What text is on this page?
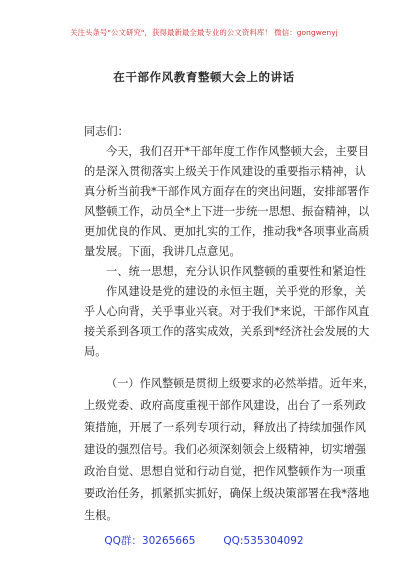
关注头条号"公文研究"，获得最新最全最专业的公文资料库！ 微信：gongwenyj
在干部作风教育整顿大会上的讲话
同志们：
今天，我们召开*干部年度工作作风整顿大会，主要目
的是深入贯彻落实上级关于作风建设的重要指示精神，认
真分析当前我*干部作风方面存在的突出问题，安排部署作
风整顿工作，动员全*上下进一步统一思想、振奋精神，以
更加优良的作风、更加扎实的工作，推动我*各项事业高质
量发展。下面，我讲几点意见。
一、统一思想，充分认识作风整顿的重要性和紧迫性
作风建设是党的建设的永恒主题，关乎党的形象，关
乎人心向背，关乎事业兴衰。对于我们*来说，干部作风直
接关系到各项工作的落实成效，关系到*经济社会发展的大
局。
（一）作风整顿是贯彻上级要求的必然举措。近年来，
上级党委、政府高度重视干部作风建设，出台了一系列政
策措施，开展了一系列专项行动，释放出了持续加强作风
建设的强烈信号。我们必须深刻领会上级精神，切实增强
政治自觉、思想自觉和行动自觉，把作风整顿作为一项重
要政治任务，抓紧抓实抓好，确保上级决策部署在我*落地
生根。
QQ群：30265665	QQ:535304092
